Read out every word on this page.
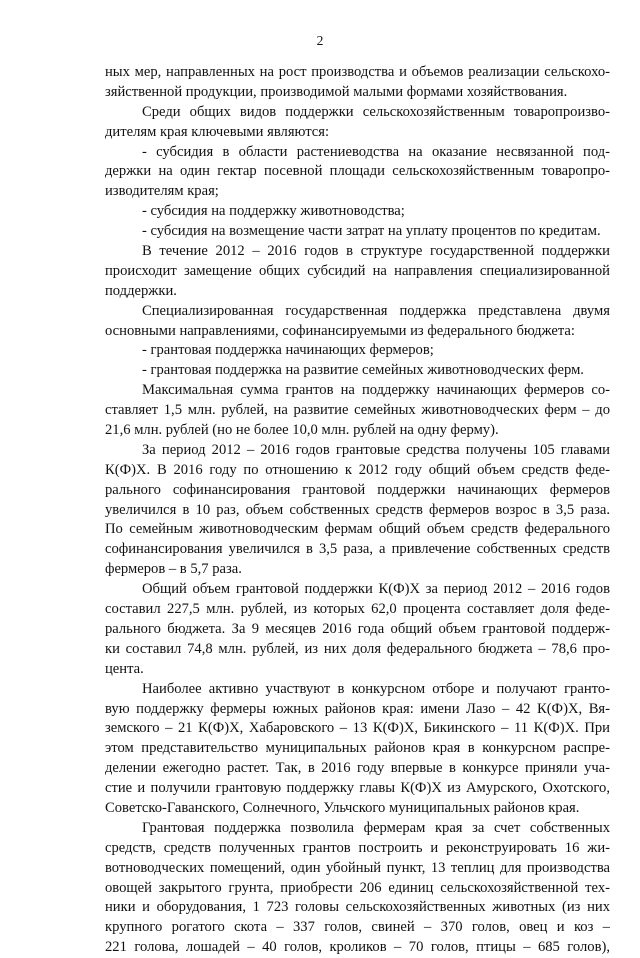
2
ных мер, направленных на рост производства и объемов реализации сельскохо-
зяйственной продукции, производимой малыми формами хозяйствования.
Среди общих видов поддержки сельскохозяйственным товаропроизво-
дителям края ключевыми являются:
- субсидия в области растениеводства на оказание несвязанной под-
держки на один гектар посевной площади сельскохозяйственным товаропро-
изводителям края;
- субсидия на поддержку животноводства;
- субсидия на возмещение части затрат на уплату процентов по кредитам.
В течение 2012 – 2016 годов в структуре государственной поддержки
происходит замещение общих субсидий на направления специализированной
поддержки.
Специализированная государственная поддержка представлена двумя
основными направлениями, софинансируемыми из федерального бюджета:
- грантовая поддержка начинающих фермеров;
- грантовая поддержка на развитие семейных животноводческих ферм.
Максимальная сумма грантов на поддержку начинающих фермеров со-
ставляет 1,5 млн. рублей, на развитие семейных животноводческих ферм – до
21,6 млн. рублей (но не более 10,0 млн. рублей на одну ферму).
За период 2012 – 2016 годов грантовые средства получены 105 главами
К(Ф)Х. В 2016 году по отношению к 2012 году общий объем средств феде-
рального софинансирования грантовой поддержки начинающих фермеров
увеличился в 10 раз, объем собственных средств фермеров возрос в 3,5 раза.
По семейным животноводческим фермам общий объем средств федерального
софинансирования увеличился в 3,5 раза, а привлечение собственных средств
фермеров – в 5,7 раза.
Общий объем грантовой поддержки К(Ф)Х за период 2012 – 2016 годов
составил 227,5 млн. рублей, из которых 62,0 процента составляет доля феде-
рального бюджета. За 9 месяцев 2016 года общий объем грантовой поддерж-
ки составил 74,8 млн. рублей, из них доля федерального бюджета – 78,6 про-
цента.
Наиболее активно участвуют в конкурсном отборе и получают гранто-
вую поддержку фермеры южных районов края: имени Лазо – 42 К(Ф)Х, Вя-
земского – 21 К(Ф)Х, Хабаровского – 13 К(Ф)Х, Бикинского – 11 К(Ф)Х. При
этом представительство муниципальных районов края в конкурсном распре-
делении ежегодно растет. Так, в 2016 году впервые в конкурсе приняли уча-
стие и получили грантовую поддержку главы К(Ф)Х из Амурского, Охотского,
Советско-Гаванского, Солнечного, Ульчского муниципальных районов края.
Грантовая поддержка позволила фермерам края за счет собственных
средств, средств полученных грантов построить и реконструировать 16 жи-
вотноводческих помещений, один убойный пункт, 13 теплиц для производства
овощей закрытого грунта, приобрести 206 единиц сельскохозяйственной тех-
ники и оборудования, 1 723 головы сельскохозяйственных животных (из них
крупного рогатого скота – 337 голов, свиней – 370 голов, овец и коз –
221 голова, лошадей – 40 голов, кроликов – 70 голов, птицы – 685 голов),
